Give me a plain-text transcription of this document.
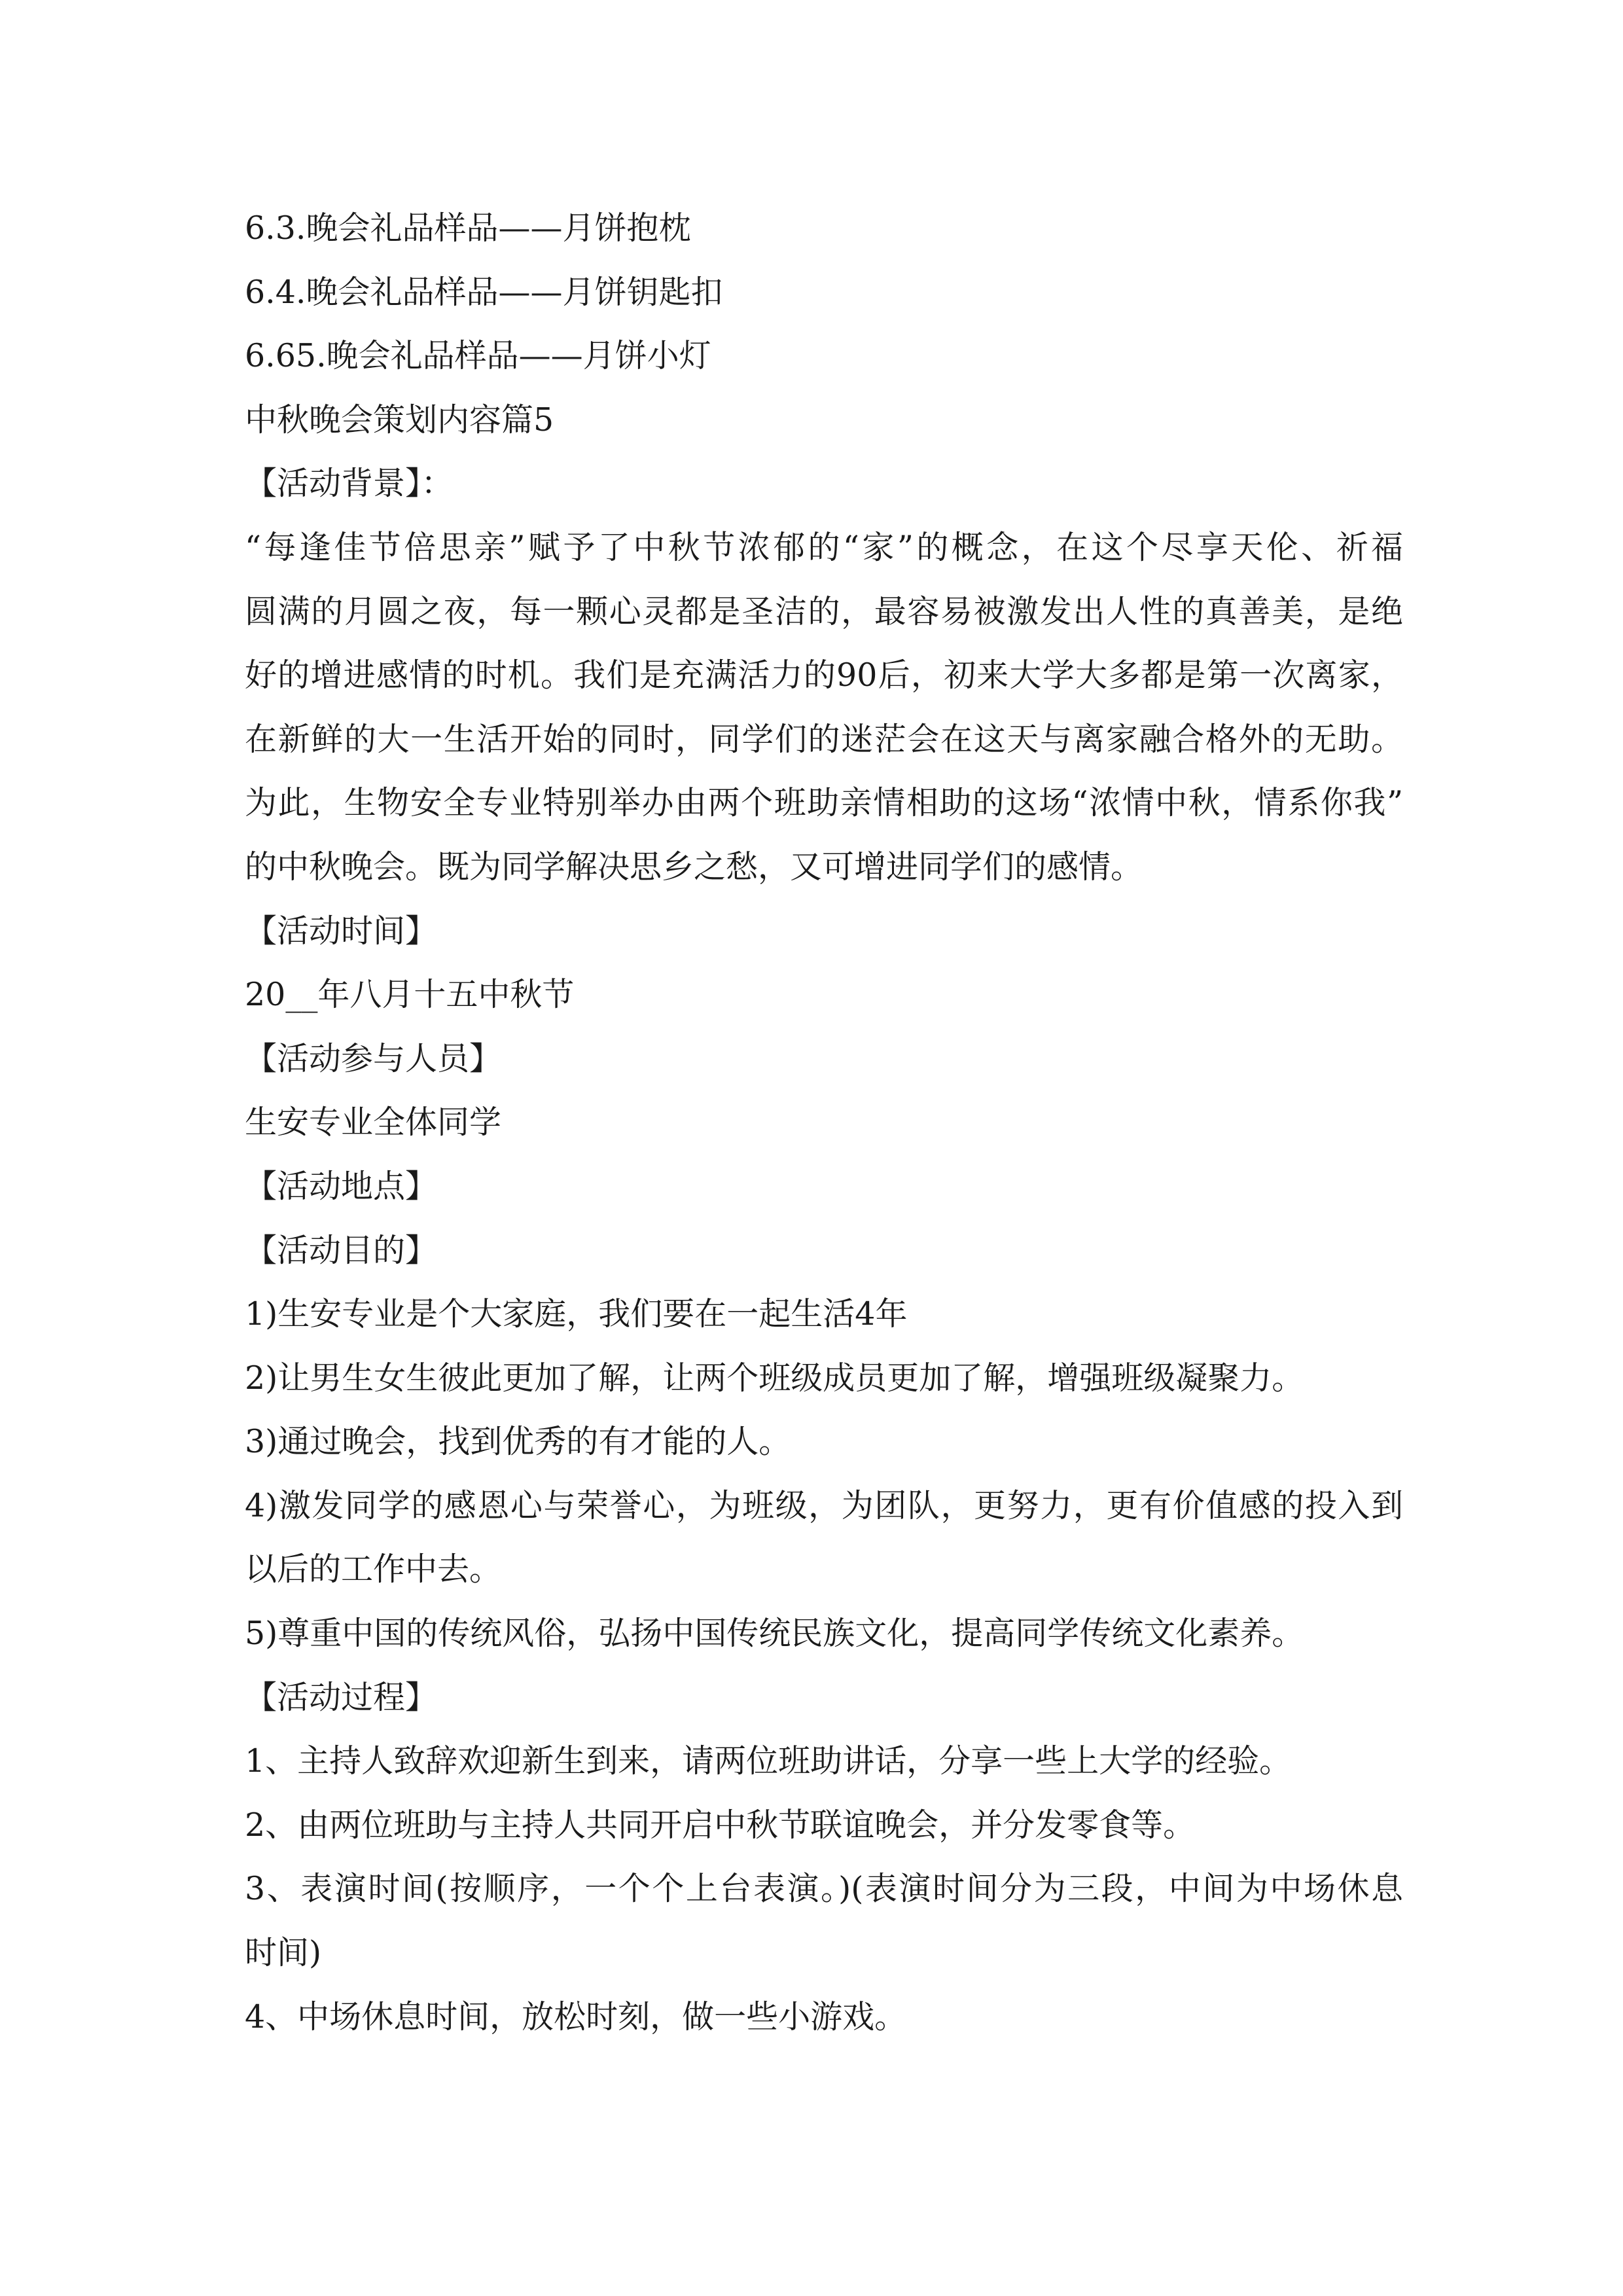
6.3.晚会礼品样品——月饼抱枕
6.4.晚会礼品样品——月饼钥匙扣
6.65.晚会礼品样品——月饼小灯
中秋晚会策划内容篇5
【活动背景】：
“每逢佳节倍思亲”赋予了中秋节浓郁的“家”的概念，在这个尽享天伦、祈福
圆满的月圆之夜，每一颗心灵都是圣洁的，最容易被激发出人性的真善美，是绝
好的增进感情的时机。我们是充满活力的90后，初来大学大多都是第一次离家，
在新鲜的大一生活开始的同时，同学们的迷茫会在这天与离家融合格外的无助。
为此，生物安全专业特别举办由两个班助亲情相助的这场“浓情中秋，情系你我”
的中秋晚会。既为同学解决思乡之愁，又可增进同学们的感情。
【活动时间】
20__年八月十五中秋节
【活动参与人员】
生安专业全体同学
【活动地点】
【活动目的】
1)生安专业是个大家庭，我们要在一起生活4年
2)让男生女生彼此更加了解，让两个班级成员更加了解，增强班级凝聚力。
3)通过晚会，找到优秀的有才能的人。
4)激发同学的感恩心与荣誉心，为班级，为团队，更努力，更有价值感的投入到
以后的工作中去。
5)尊重中国的传统风俗，弘扬中国传统民族文化，提高同学传统文化素养。
【活动过程】
1、主持人致辞欢迎新生到来，请两位班助讲话，分享一些上大学的经验。
2、由两位班助与主持人共同开启中秋节联谊晚会，并分发零食等。
3、表演时间(按顺序，一个个上台表演。)(表演时间分为三段，中间为中场休息
时间)
4、中场休息时间，放松时刻，做一些小游戏。
